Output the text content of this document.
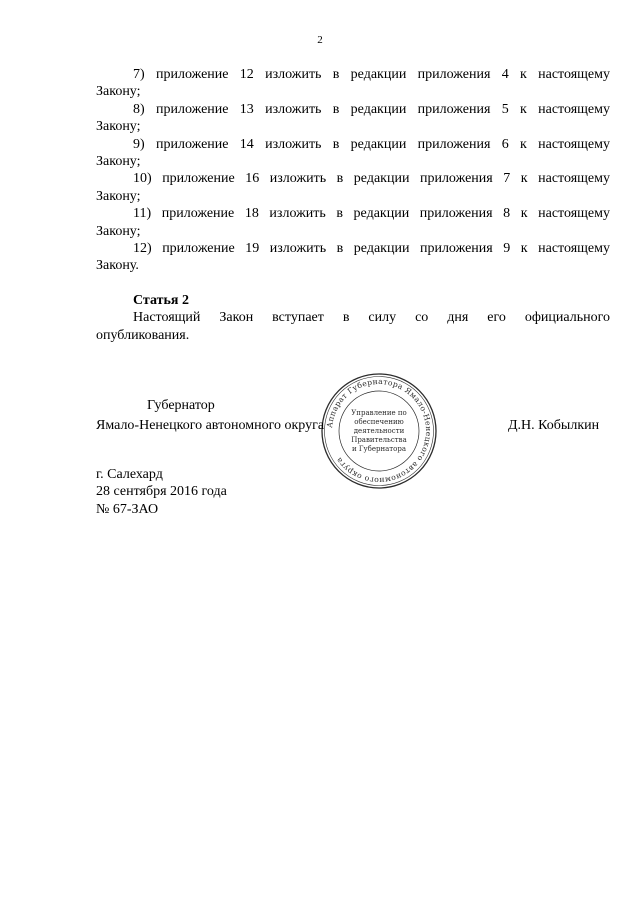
2

7) приложение 12 изложить в редакции приложения 4 к настоящему
Закону;

8) приложение 13 изложить в редакции приложения 5 к настоящему
Закону;

9) приложение 14 изложить в редакции приложения 6 к настоящему
Закону;

10) приложение 16 изложить в редакции приложения 7 к настоящему
Закону;

11) приложение 18 изложить в редакции приложения 8 к настоящему
Закону;

12) приложение 19 изложить в редакции приложения 9 к настоящему
Закону.

Статья 2
Настоящий Закон вступает в силу со дня его официального
опубликования.
Аппарат Губернатора Ямало-Ненецкого автономного округа
Управление по
обеспечению
деятельности
Правительства
и Губернатора
Губернатор
Ямало-Ненецкого автономного округа	Д.Н. Кобылкин
г. Салехард
28 сентября 2016 года
№ 67-ЗАО
